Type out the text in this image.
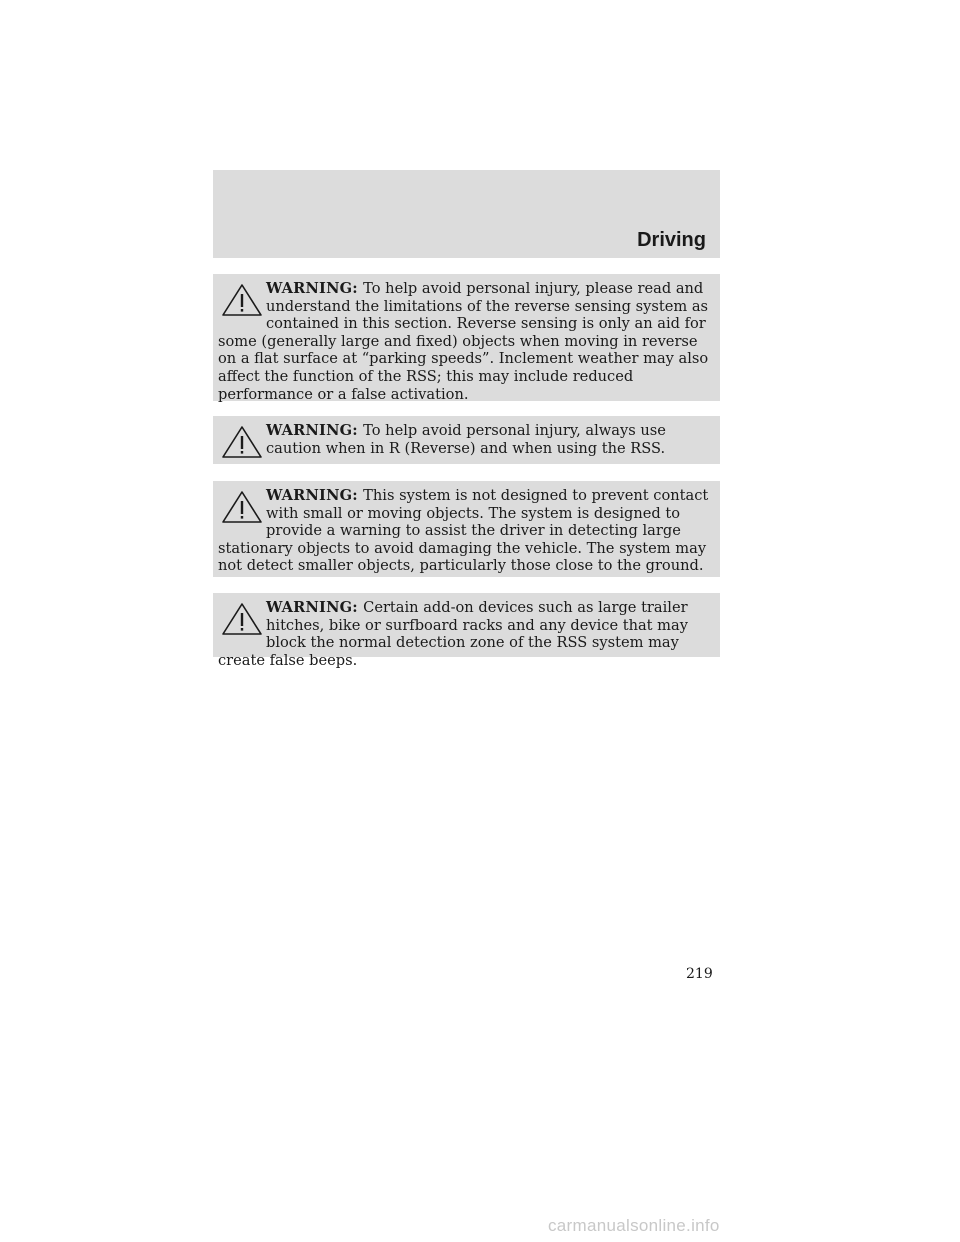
Driving
WARNING: To help avoid personal injury, please read and understand the limitations of the reverse sensing system as contained in this section. Reverse sensing is only an aid for some (generally large and fixed) objects when moving in reverse on a flat surface at “parking speeds”. Inclement weather may also affect the function of the RSS; this may include reduced performance or a false activation.
WARNING: To help avoid personal injury, always use caution when in R (Reverse) and when using the RSS.
WARNING: This system is not designed to prevent contact with small or moving objects. The system is designed to provide a warning to assist the driver in detecting large stationary objects to avoid damaging the vehicle. The system may not detect smaller objects, particularly those close to the ground.
WARNING: Certain add-on devices such as large trailer hitches, bike or surfboard racks and any device that may block the normal detection zone of the RSS system may create false beeps.
219
carmanualsonline.info
